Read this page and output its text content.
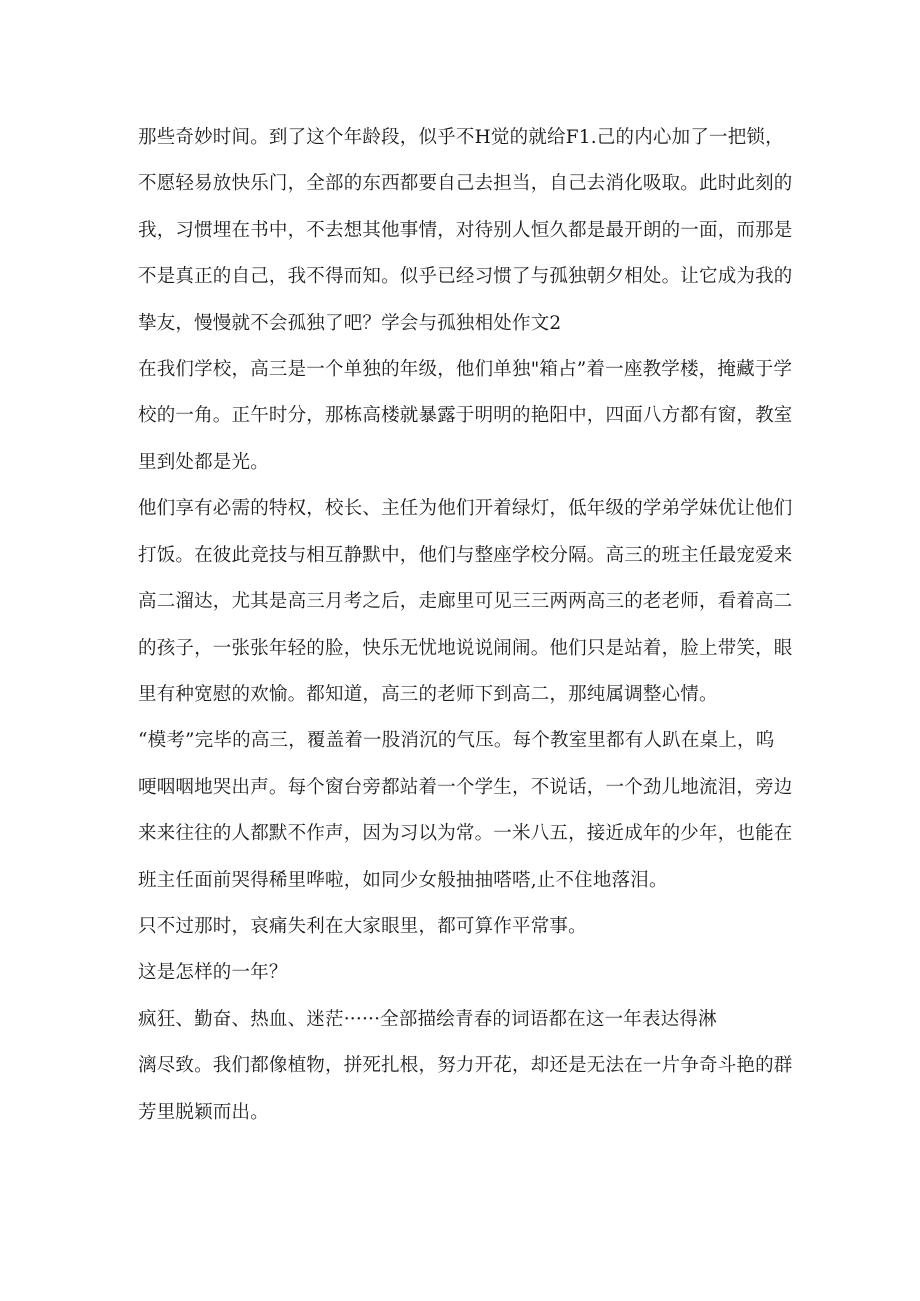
那些奇妙时间。到了这个年龄段，似乎不H觉的就给F1.己的内心加了一把锁，

不愿轻易放快乐门，全部的东西都要自己去担当，自己去消化吸取。此时此刻的

我，习惯埋在书中，不去想其他事情，对待别人恒久都是最开朗的一面，而那是

不是真正的自己，我不得而知。似乎已经习惯了与孤独朝夕相处。让它成为我的

挚友，慢慢就不会孤独了吧？学会与孤独相处作文2

在我们学校，高三是一个单独的年级，他们单独"箱占”着一座教学楼，掩藏于学

校的一角。正午时分，那栋高楼就暴露于明明的艳阳中，四面八方都有窗，教室

里到处都是光。

他们享有必需的特权，校长、主任为他们开着绿灯，低年级的学弟学妹优让他们

打饭。在彼此竞技与相互静默中，他们与整座学校分隔。高三的班主任最宠爱来

高二溜达，尤其是高三月考之后，走廊里可见三三两两高三的老老师，看着高二

的孩子，一张张年轻的脸，快乐无忧地说说闹闹。他们只是站着，脸上带笑，眼

里有种宽慰的欢愉。都知道，高三的老师下到高二，那纯属调整心情。

“模考”完毕的高三，覆盖着一股消沉的气压。每个教室里都有人趴在桌上，呜

哽咽咽地哭出声。每个窗台旁都站着一个学生，不说话，一个劲儿地流泪，旁边

来来往往的人都默不作声，因为习以为常。一米八五，接近成年的少年，也能在

班主任面前哭得稀里哗啦，如同少女般抽抽嗒嗒,止不住地落泪。

只不过那时，哀痛失利在大家眼里，都可算作平常事。

这是怎样的一年？

疯狂、勤奋、热血、迷茫······全部描绘青春的词语都在这一年表达得淋

漓尽致。我们都像植物，拼死扎根，努力开花，却还是无法在一片争奇斗艳的群

芳里脱颖而出。
